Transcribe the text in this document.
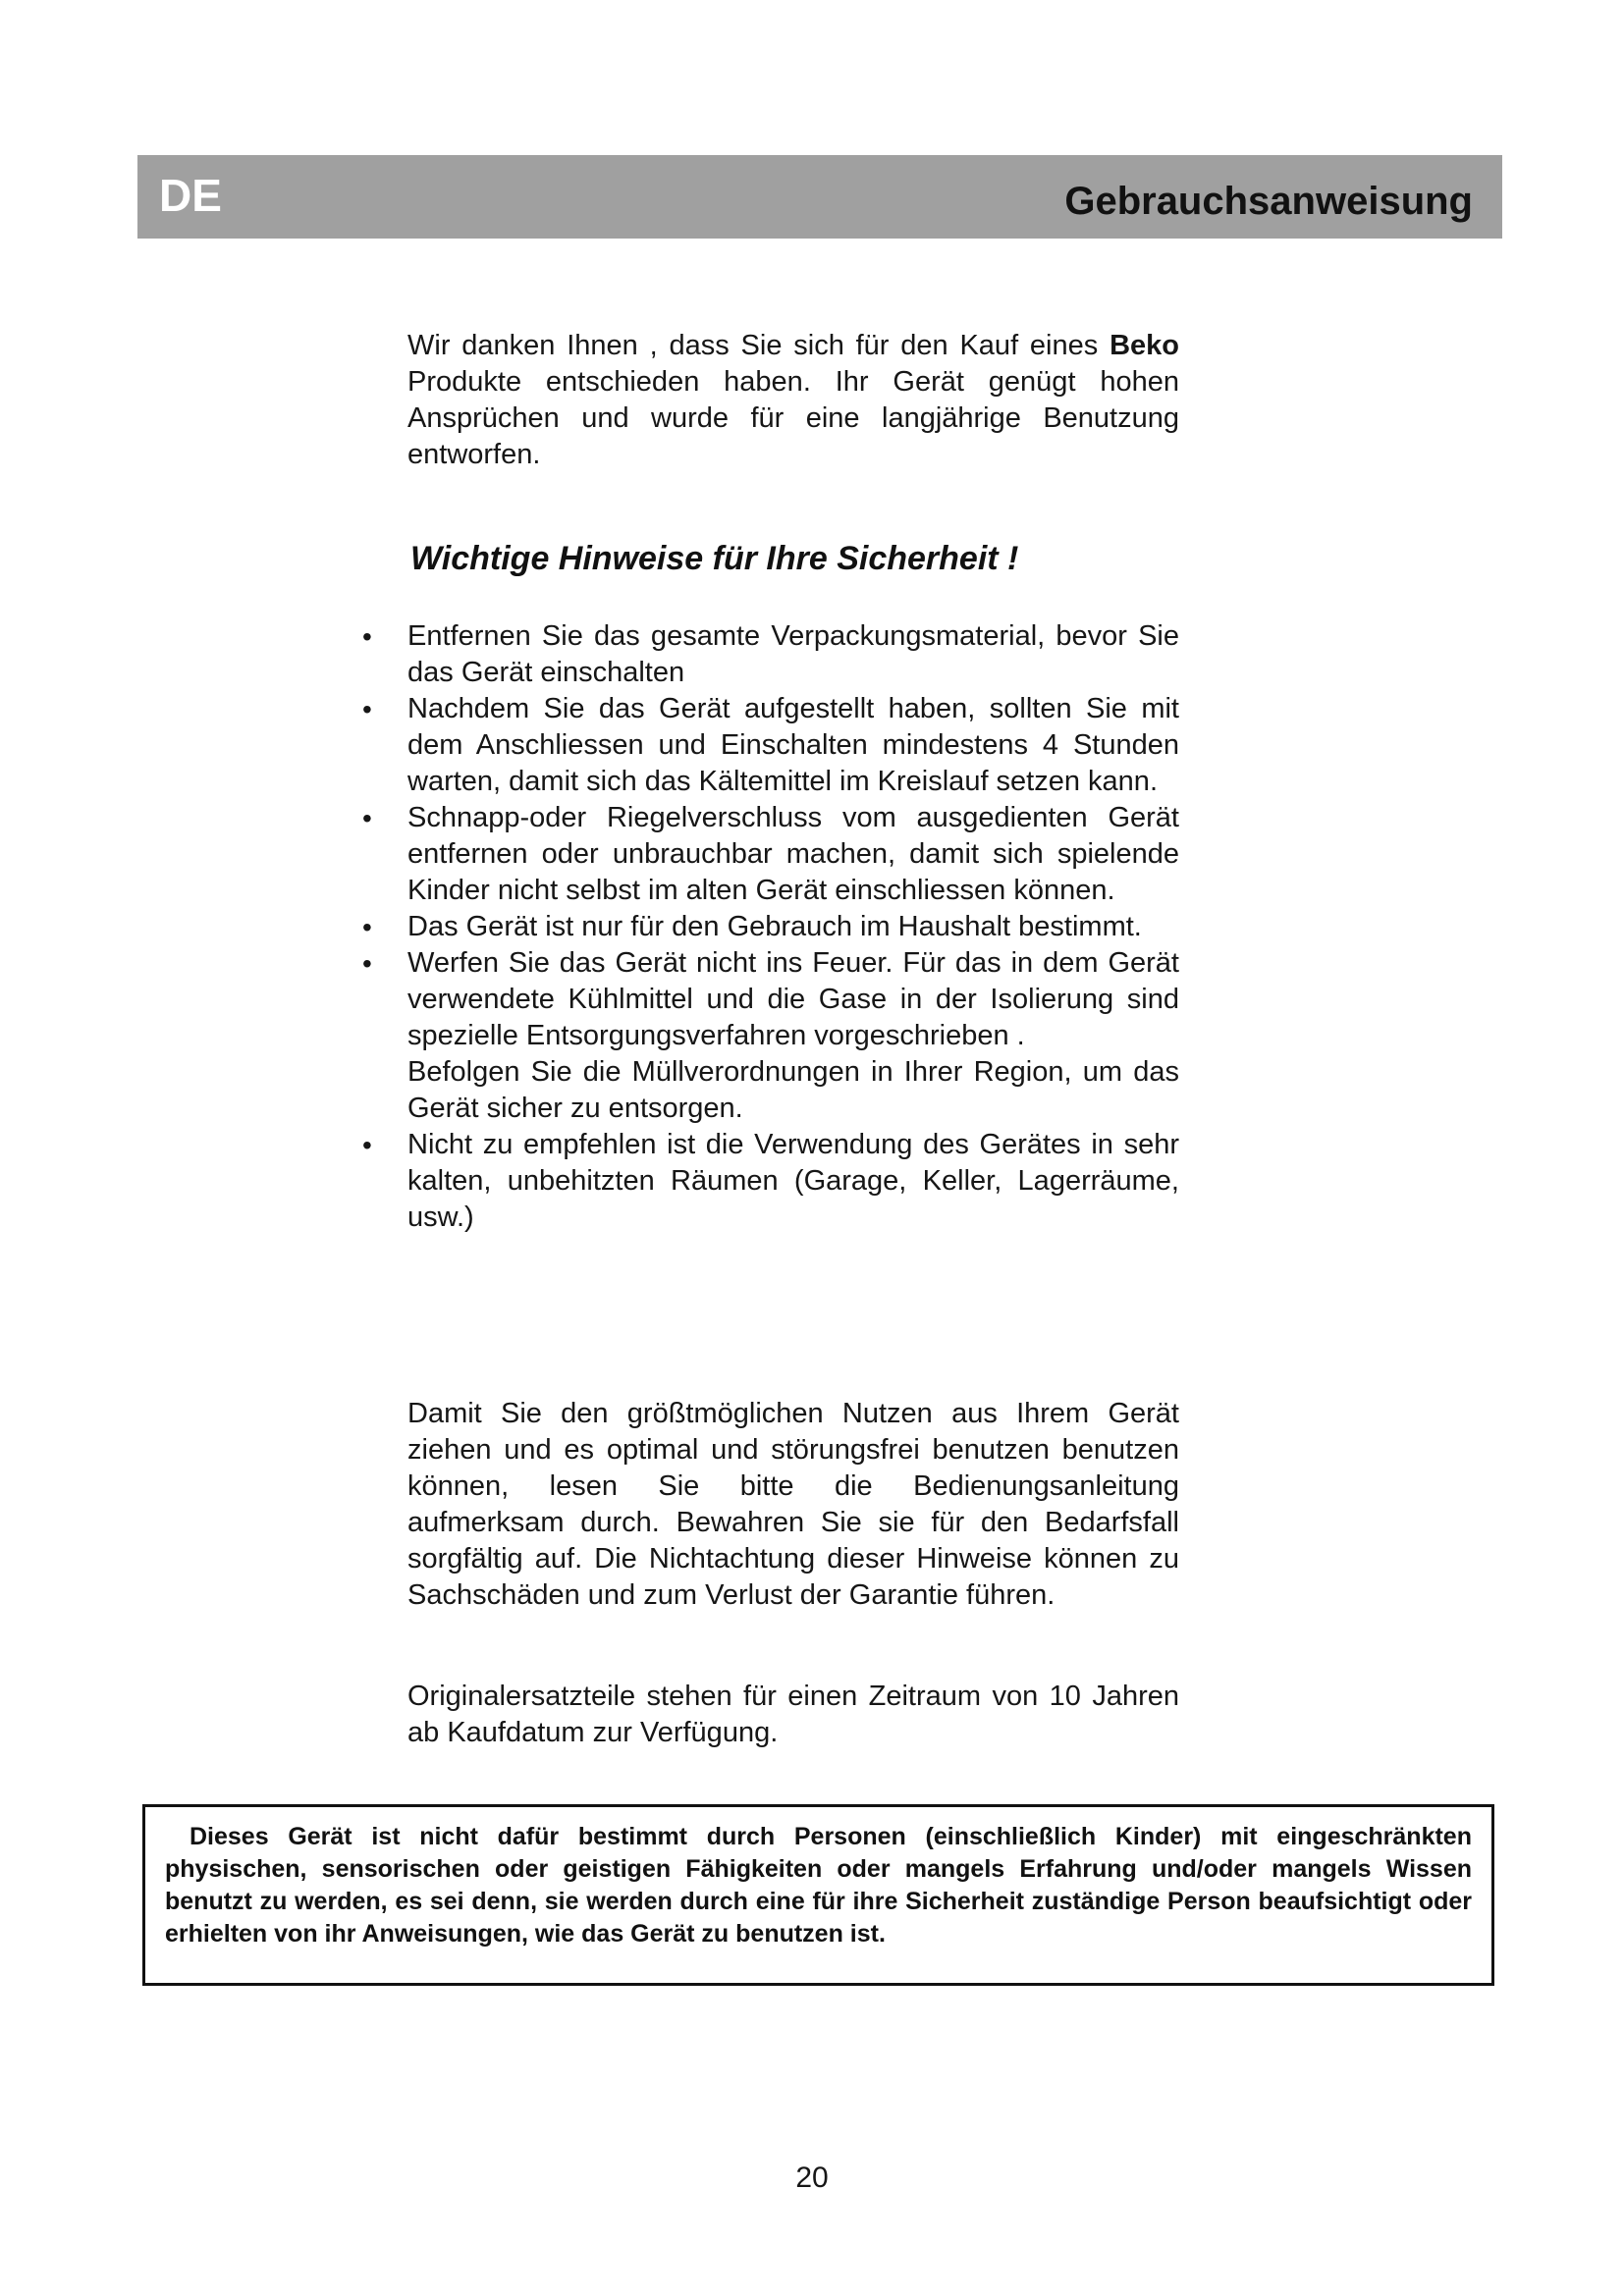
DE	Gebrauchsanweisung

Wir danken Ihnen , dass Sie sich für den Kauf eines Beko Produkte entschieden haben. Ihr Gerät genügt hohen Ansprüchen und wurde für eine langjährige Benutzung entworfen.

Wichtige Hinweise für Ihre Sicherheit !
• Entfernen Sie das gesamte Verpackungsmaterial, bevor Sie das Gerät einschalten
• Nachdem Sie das Gerät aufgestellt haben, sollten Sie mit dem Anschliessen und Einschalten mindestens 4 Stunden warten, damit sich das Kältemittel im Kreislauf setzen kann.
• Schnapp-oder Riegelverschluss vom ausgedienten Gerät entfernen oder unbrauchbar machen, damit sich spielende Kinder nicht selbst im alten Gerät einschliessen können.
• Das Gerät ist nur für den Gebrauch im Haushalt bestimmt.
• Werfen Sie das Gerät nicht ins Feuer. Für das in dem Gerät verwendete Kühlmittel und die Gase in der Isolierung sind spezielle Entsorgungsverfahren vorgeschrieben .
Befolgen Sie die Müllverordnungen in Ihrer Region, um das Gerät sicher zu entsorgen.
• Nicht zu empfehlen ist die Verwendung des Gerätes in sehr kalten, unbehitzten Räumen (Garage, Keller, Lagerräume, usw.)

Damit Sie den größtmöglichen Nutzen aus Ihrem Gerät ziehen und es optimal und störungsfrei benutzen benutzen können, lesen Sie bitte die Bedienungsanleitung aufmerksam durch. Bewahren Sie sie für den Bedarfsfall sorgfältig auf. Die Nichtachtung dieser Hinweise können zu Sachschäden und zum Verlust der Garantie führen.

Originalersatzteile stehen für einen Zeitraum von 10 Jahren ab Kaufdatum zur Verfügung.

Dieses Gerät ist nicht dafür bestimmt durch Personen (einschließlich Kinder) mit eingeschränkten physischen, sensorischen oder geistigen Fähigkeiten oder mangels Erfahrung und/oder mangels Wissen benutzt zu werden, es sei denn, sie werden durch eine für ihre Sicherheit zuständige Person beaufsichtigt oder erhielten von ihr Anweisungen, wie das Gerät zu benutzen ist.
20
